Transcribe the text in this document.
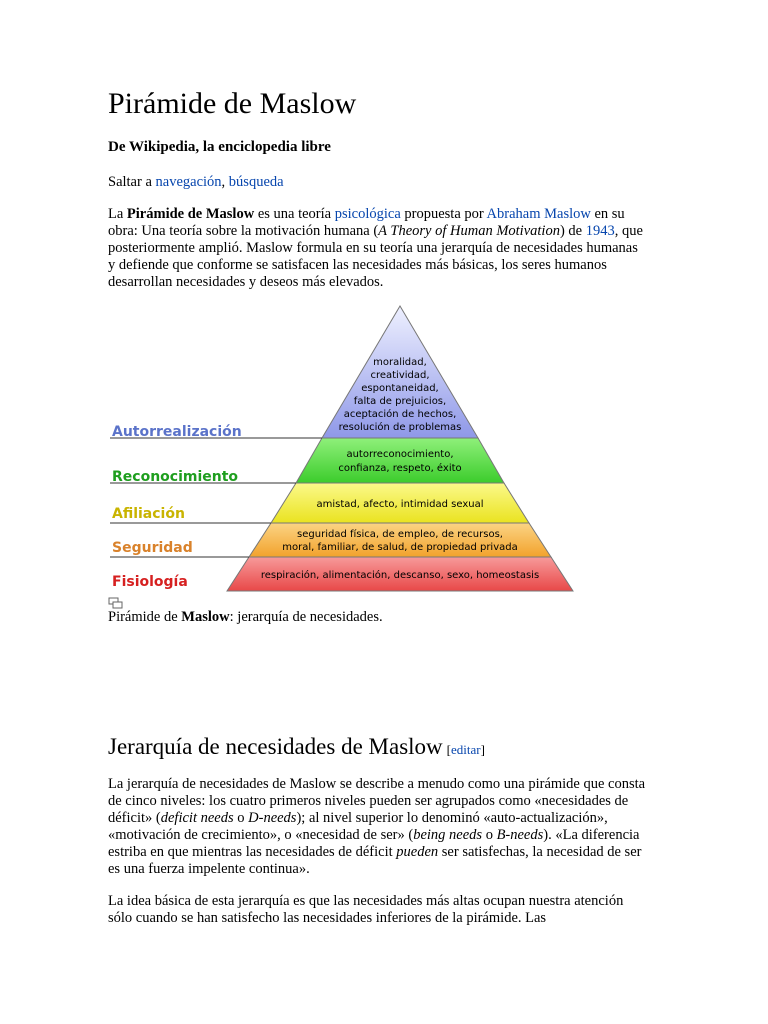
Pirámide de Maslow
De Wikipedia, la enciclopedia libre
Saltar a navegación, búsqueda
La Pirámide de Maslow es una teoría psicológica propuesta por Abraham Maslow en su obra: Una teoría sobre la motivación humana (A Theory of Human Motivation) de 1943, que posteriormente amplió. Maslow formula en su teoría una jerarquía de necesidades humanas y defiende que conforme se satisfacen las necesidades más básicas, los seres humanos desarrollan necesidades y deseos más elevados.
Autorrealización
Reconocimiento
Afiliación
Seguridad
Fisiología
moralidad,
creatividad,
espontaneidad,
falta de prejuicios,
aceptación de hechos,
resolución de problemas
autorreconocimiento,
confianza, respeto, éxito
amistad, afecto, intimidad sexual
seguridad física, de empleo, de recursos,
moral, familiar, de salud, de propiedad privada
respiración, alimentación, descanso, sexo, homeostasis
Pirámide de Maslow: jerarquía de necesidades.
Jerarquía de necesidades de Maslow [editar]
La jerarquía de necesidades de Maslow se describe a menudo como una pirámide que consta de cinco niveles: los cuatro primeros niveles pueden ser agrupados como «necesidades de déficit» (deficit needs o D-needs); al nivel superior lo denominó «auto-actualización», «motivación de crecimiento», o «necesidad de ser» (being needs o B-needs). «La diferencia estriba en que mientras las necesidades de déficit pueden ser satisfechas, la necesidad de ser es una fuerza impelente continua».
La idea básica de esta jerarquía es que las necesidades más altas ocupan nuestra atención sólo cuando se han satisfecho las necesidades inferiores de la pirámide. Las
